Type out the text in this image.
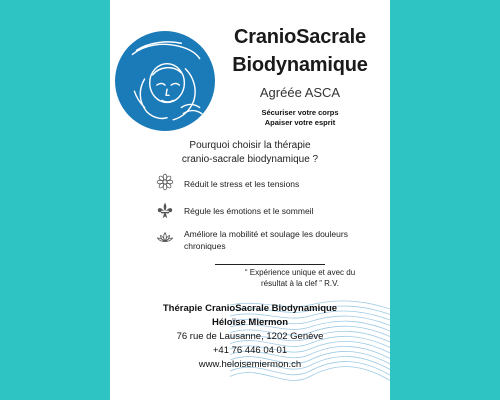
CranioSacrale
Biodynamique
Agréée ASCA
Sécuriser votre corps
Apaiser votre esprit
Pourquoi choisir la thérapie
cranio-sacrale biodynamique ?
Réduit le stress et les tensions
Régule les émotions et le sommeil
Améliore la mobilité et soulage les douleurs chroniques
“ Expérience unique et avec du
résultat à la clef ” R.V.
Thérapie CranioSacrale Biodynamique
Héloïse Miermon
76 rue de Lausanne, 1202 Genève
+41 76 446 04 01
www.heloisemiermon.ch
